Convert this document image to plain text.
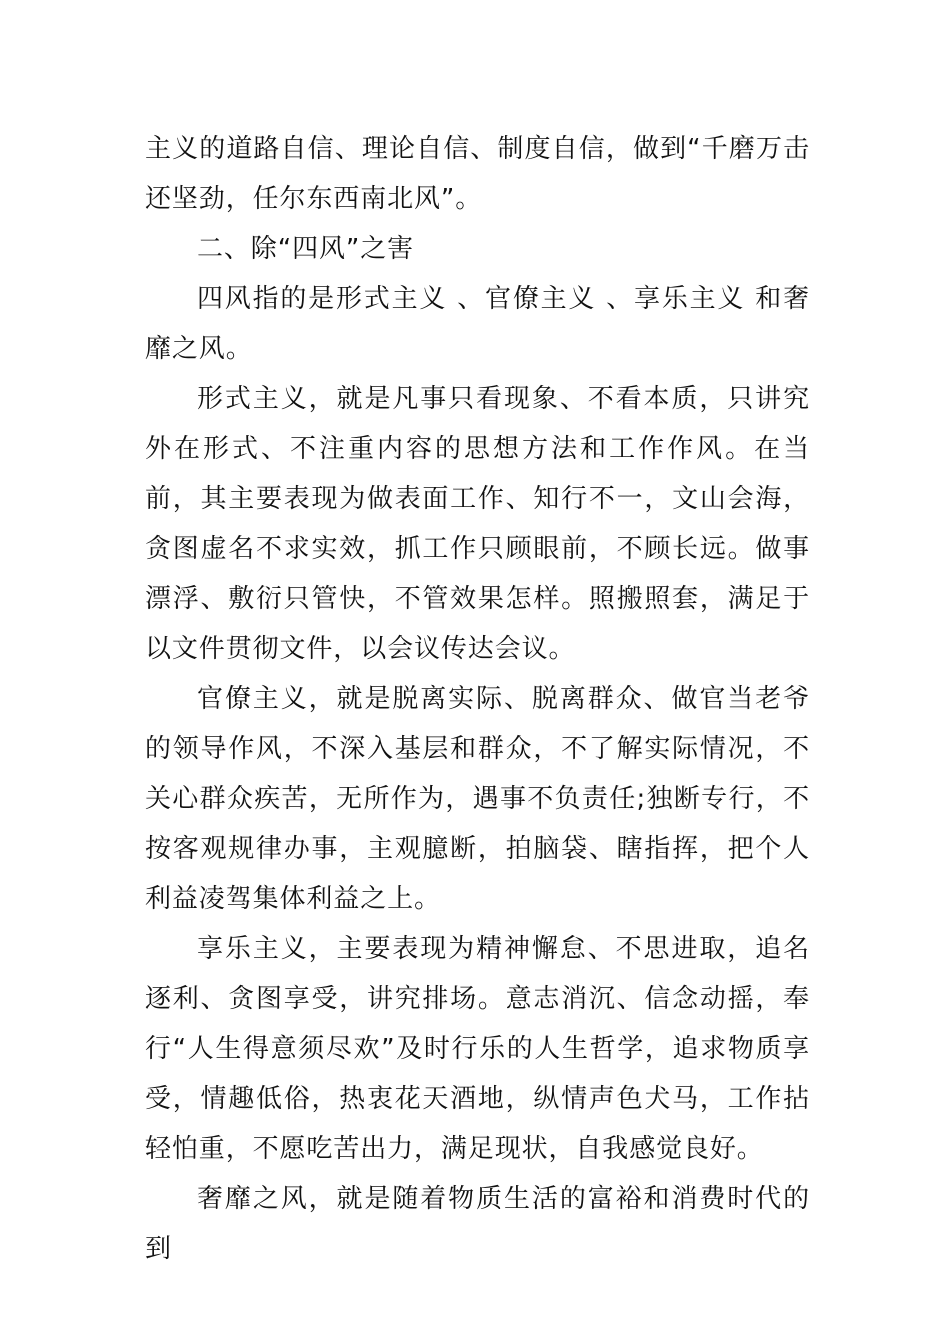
主义的道路自信、理论自信、制度自信，做到“千磨万击还坚劲，任尔东西南北风”。

二、除“四风”之害

四风指的是形式主义 、官僚主义 、享乐主义 和奢靡之风。

形式主义，就是凡事只看现象、不看本质，只讲究外在形式、不注重内容的思想方法和工作作风。在当前，其主要表现为做表面工作、知行不一，文山会海，贪图虚名不求实效，抓工作只顾眼前，不顾长远。做事漂浮、敷衍只管快，不管效果怎样。照搬照套，满足于以文件贯彻文件，以会议传达会议。

官僚主义，就是脱离实际、脱离群众、做官当老爷的领导作风，不深入基层和群众，不了解实际情况，不关心群众疾苦，无所作为，遇事不负责任;独断专行，不按客观规律办事，主观臆断，拍脑袋、瞎指挥，把个人利益凌驾集体利益之上。

享乐主义，主要表现为精神懈怠、不思进取，追名逐利、贪图享受，讲究排场。意志消沉、信念动摇，奉行“人生得意须尽欢”及时行乐的人生哲学，追求物质享受，情趣低俗，热衷花天酒地，纵情声色犬马，工作拈轻怕重，不愿吃苦出力，满足现状，自我感觉良好。

奢靡之风，就是随着物质生活的富裕和消费时代的到
